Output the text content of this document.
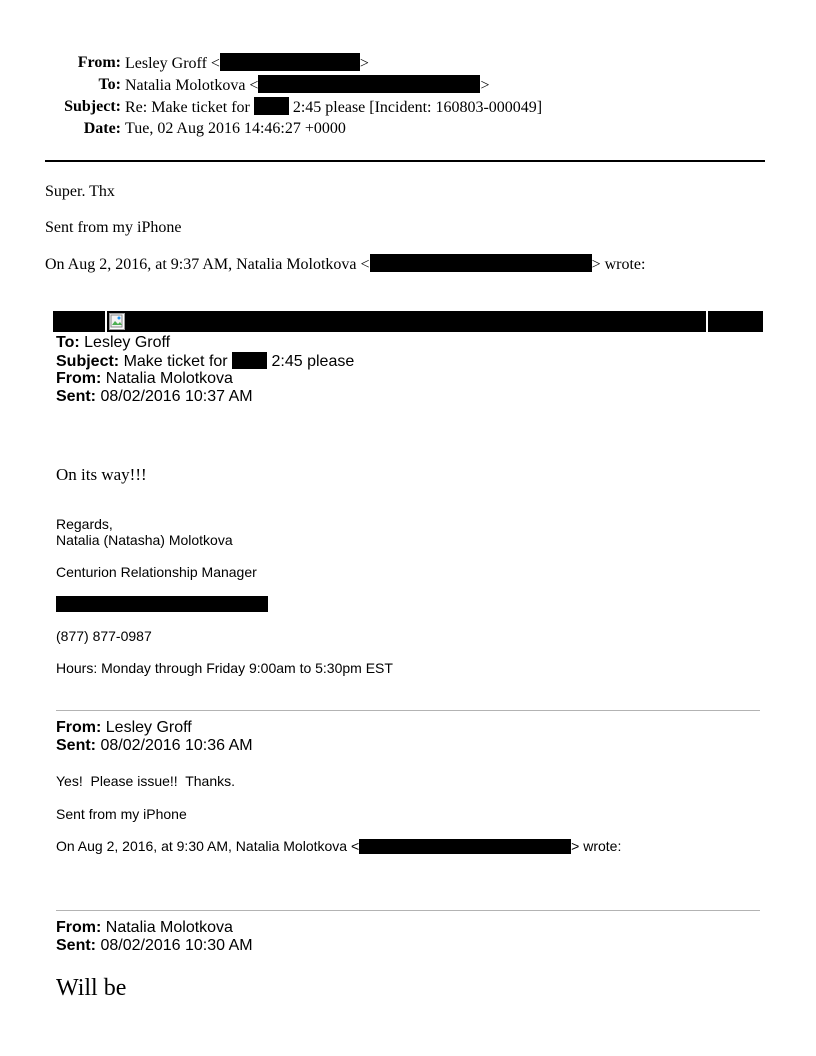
From: Lesley Groff <	>
To: Natalia Molotkova <	>
Subject: Re: Make ticket for	2:45 please [Incident: 160803-000049]
Date: Tue, 02 Aug 2016 14:46:27 +0000
Super. Thx
Sent from my iPhone
On Aug 2, 2016, at 9:37 AM, Natalia Molotkova <	> wrote:
To: Lesley Groff
Subject: Make ticket for	2:45 please
From: Natalia Molotkova
Sent: 08/02/2016 10:37 AM
On its way!!!
Regards,
Natalia (Natasha) Molotkova
Centurion Relationship Manager
(877) 877-0987
Hours: Monday through Friday 9:00am to 5:30pm EST
From: Lesley Groff
Sent: 08/02/2016 10:36 AM
Yes!  Please issue!!  Thanks.
Sent from my iPhone
On Aug 2, 2016, at 9:30 AM, Natalia Molotkova <	> wrote:
From: Natalia Molotkova
Sent: 08/02/2016 10:30 AM
Will be
